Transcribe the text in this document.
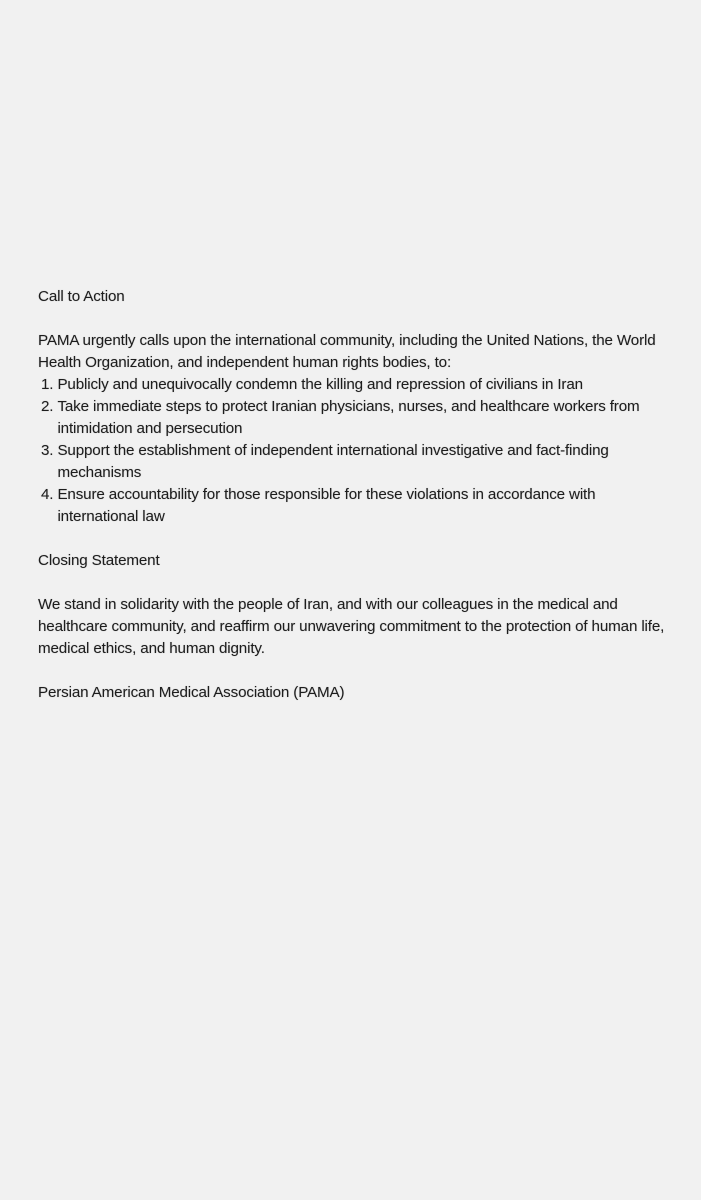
Call to Action

PAMA urgently calls upon the international community, including the United Nations, the World Health Organization, and independent human rights bodies, to:

1. Publicly and unequivocally condemn the killing and repression of civilians in Iran
2. Take immediate steps to protect Iranian physicians, nurses, and healthcare workers from intimidation and persecution
3. Support the establishment of independent international investigative and fact-finding mechanisms
4. Ensure accountability for those responsible for these violations in accordance with international law

Closing Statement

We stand in solidarity with the people of Iran, and with our colleagues in the medical and healthcare community, and reaffirm our unwavering commitment to the protection of human life, medical ethics, and human dignity.

Persian American Medical Association (PAMA)
